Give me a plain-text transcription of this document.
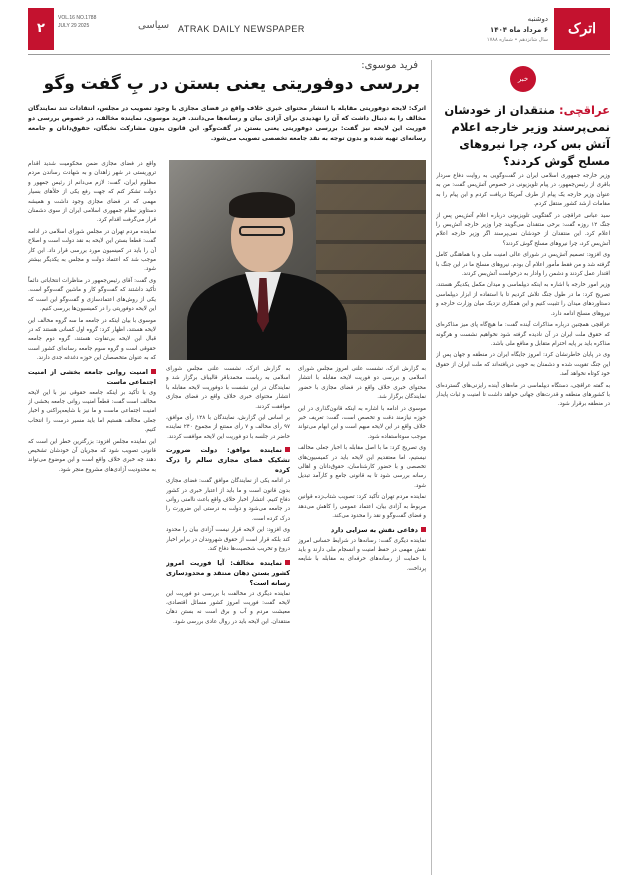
۲
VOL.16 NO.1788
JULY 29 2025	سیاسی ATRAK DAILY NEWSPAPER
دوشنبه
۶ مرداد ماه ۱۴۰۴
سال شانزدهم • شماره ۱۷۸۸
اترک
فرید موسوی:
بررسی دوفوریتی یعنی بستن در بِ گفت وگو
اترک: لایحه دوفوریتی مقابله با انتشار محتوای خبری خلاف واقع در فضای مجازی با وجود تصویب در مجلس، انتقادات تند نمایندگان مخالف را به دنبال داشت که آن را تهدیدی برای آزادی بیان و رسانه‌ها می‌دانند. فرید موسوی، نماینده مخالف، در خصوص بررسی دو فوریت این لایحه نیز گفت: بررسی دوفوریتی یعنی بستن در گفت‌وگو. این قانون بدون مشارکت نخبگان، حقوق‌دانان و جامعه رسانه‌ای تهیه شده و بدون توجه به نقد جامعه تخصصی تصویب می‌شود.

واقع در فضای مجازی ضمن محکومیت شدید اقدام تروریستی در شهر زاهدان و به شهادت رساندن مردم مظلوم ایران، گفت: لازم می‌دانم از رئیس جمهور و دولت تشکر کنم که جهت رفع یکی از خلأهای بسیار مهمی که در فضای مجازی وجود داشت و همیشه دستاویز نظام جمهوری اسلامی ایران از سوی دشمنان قرار می‌گرفت اقدام کرد.

نماینده مردم تهران در مجلس شورای اسلامی در ادامه گفت: قطعا بستن این لایحه به نقد دولت است و اصلاح آن را باید در کمیسیون مورد بررسی قرار داد. این کار موجب شد که اعتماد دولت و مجلس به یکدیگر بیشتر شود.

وی گفت: آقای رئیس‌جمهور در مناظرات انتخاباتی دائماً تأکید داشتند که گفت‌وگو کار و ماشین گفت‌وگو است. یکی از روش‌های اعتمادسازی و گفت‌وگو این است که این لایحه دوفوریتی را در کمیسیون‌ها بررسی کنیم.

موسوی با بیان اینکه در جامعه ما سه گروه مخالف این لایحه هستند، اظهار کرد: گروه اول کسانی هستند که در قبال این لایحه بی‌تفاوت هستند، گروه دوم جامعه حقوقی است و گروه سوم جامعه رسانه‌ای کشور است که به عنوان متخصصان این حوزه دغدغه جدی دارند.

امنیت روانی جامعه بخشی از امنیت اجتماعی ماست

وی با تأکید بر اینکه جامعه حقوقی نیز با این لایحه مخالف است گفت: قطعاً امنیت روانی جامعه بخشی از امنیت اجتماعی ماست و ما نیز با شایعه‌پراکنی و اخبار جعلی مخالف هستیم اما باید مسیر درست را انتخاب کنیم.

این نماینده مجلس افزود: بزرگترین خطر این است که قانونی تصویب شود که مجریان آن خودشان تشخیص دهند چه خبری خلاف واقع است و این موضوع می‌تواند به محدودیت آزادی‌های مشروع منجر شود.

به گزارش اترک، نشست علنی مجلس شورای اسلامی به ریاست محمدباقر قالیباف برگزار شد و نمایندگان در این نشست با دوفوریت لایحه مقابله با انتشار محتوای خبری خلاف واقع در فضای مجازی موافقت کردند.

بر اساس این گزارش، نمایندگان با ۱۲۸ رأی موافق، ۹۷ رأی مخالف و ۷ رأی ممتنع از مجموع ۲۴۰ نماینده حاضر در جلسه با دو فوریت این لایحه موافقت کردند.

نماینده موافق: دولت ضرورت تشکیک فضای مجازی سالم را درک کرده

در ادامه یکی از نمایندگان موافق گفت: فضای مجازی بدون قانون است و ما باید از اعتبار خبری در کشور دفاع کنیم. انتشار اخبار خلاف واقع باعث ناامنی روانی در جامعه می‌شود و دولت به درستی این ضرورت را درک کرده است.

وی افزود: این لایحه قرار نیست آزادی بیان را محدود کند بلکه قرار است از حقوق شهروندان در برابر اخبار دروغ و تخریب شخصیت‌ها دفاع کند.

نماینده مخالف: آیا فوریت امروز کشور بستن دهان منتقد و محدودسازی رسانه است؟

نماینده دیگری در مخالفت با بررسی دو فوریت این لایحه گفت: فوریت امروز کشور مسائل اقتصادی، معیشت مردم و آب و برق است نه بستن دهان منتقدان. این لایحه باید در روال عادی بررسی شود.

به گزارش اترک، نشست علنی امروز مجلس شورای اسلامی و بررسی دو فوریت لایحه مقابله با انتشار محتوای خبری خلاف واقع در فضای مجازی با حضور نمایندگان برگزار شد.

موسوی در ادامه با اشاره به اینکه قانون‌گذاری در این حوزه نیازمند دقت و تخصص است، گفت: تعریف خبر خلاف واقع در این لایحه مبهم است و این ابهام می‌تواند موجب سوءاستفاده شود.

وی تصریح کرد: ما با اصل مقابله با اخبار جعلی مخالف نیستیم، اما معتقدیم این لایحه باید در کمیسیون‌های تخصصی و با حضور کارشناسان، حقوق‌دانان و اهالی رسانه بررسی شود تا به قانونی جامع و کارآمد تبدیل شود.

نماینده مردم تهران تأکید کرد: تصویب شتاب‌زده قوانین مربوط به آزادی بیان، اعتماد عمومی را کاهش می‌دهد و فضای گفت‌وگو و نقد را محدود می‌کند.

دفاعی نقش به سزایی دارد

نماینده دیگری گفت: رسانه‌ها در شرایط حساس امروز نقش مهمی در حفظ امنیت و انسجام ملی دارند و باید با حمایت از رسانه‌های حرفه‌ای به مقابله با شایعه پرداخت.

خبر
عراقچی: منتقدان از خودشان نمی‌پرسند وزیر خارجه اعلام آتش بس کرد، چرا نیروهای مسلح گوش کردند؟

وزیر خارجه جمهوری اسلامی ایران در گفت‌وگویی به روایت دفاع سردار باقری از رئیس‌جمهور، در پیام تلویزیونی در خصوص آتش‌بس گفت: من به عنوان وزیر خارجه یک پیام از طرف آمریکا دریافت کردم و این پیام را به مقامات ارشد کشور منتقل کردم.

سید عباس عراقچی در گفتگویی تلویزیونی درباره اعلام آتش‌بس پس از جنگ ۱۲ روزه گفت: برخی منتقدان می‌گویند چرا وزیر خارجه آتش‌بس را اعلام کرد. این منتقدان از خودشان نمی‌پرسند اگر وزیر خارجه اعلام آتش‌بس کرد، چرا نیروهای مسلح گوش کردند؟

وی افزود: تصمیم آتش‌بس در شورای عالی امنیت ملی و با هماهنگی کامل گرفته شد و من فقط مأمور اعلام آن بودم. نیروهای مسلح ما در این جنگ با اقتدار عمل کردند و دشمن را وادار به درخواست آتش‌بس کردند.

وزیر امور خارجه با اشاره به اینکه دیپلماسی و میدان مکمل یکدیگر هستند، تصریح کرد: ما در طول جنگ تلاش کردیم تا با استفاده از ابزار دیپلماسی دستاوردهای میدان را تثبیت کنیم و این همکاری نزدیک میان وزارت خارجه و نیروهای مسلح ادامه دارد.

عراقچی همچنین درباره مذاکرات آینده گفت: ما هیچ‌گاه پای میز مذاکره‌ای که حقوق ملت ایران در آن نادیده گرفته شود نخواهیم نشست و هرگونه مذاکره باید بر پایه احترام متقابل و منافع ملی باشد.

وی در پایان خاطرنشان کرد: امروز جایگاه ایران در منطقه و جهان پس از این جنگ تقویت شده و دشمنان به خوبی دریافته‌اند که ملت ایران از حقوق خود کوتاه نخواهد آمد.

به گفته عراقچی، دستگاه دیپلماسی در ماه‌های آینده رایزنی‌های گسترده‌ای با کشورهای منطقه و قدرت‌های جهانی خواهد داشت تا امنیت و ثبات پایدار در منطقه برقرار شود.
